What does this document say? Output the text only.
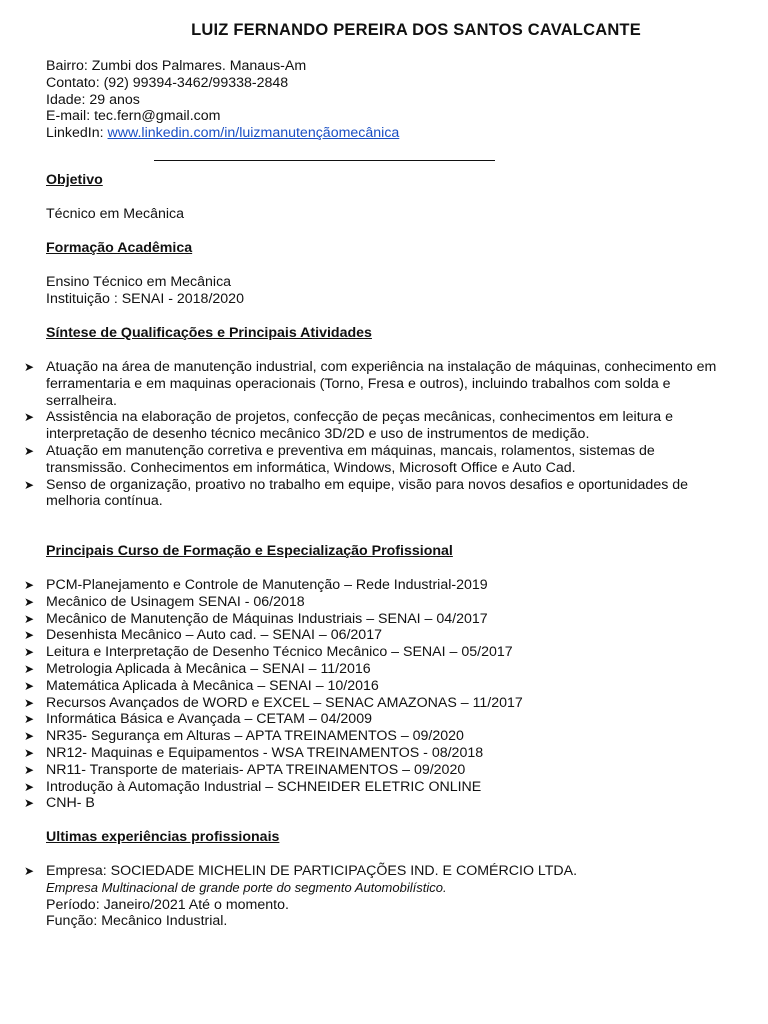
LUIZ FERNANDO PEREIRA DOS SANTOS CAVALCANTE
Bairro: Zumbi dos Palmares. Manaus-Am
Contato: (92) 99394-3462/99338-2848
Idade: 29 anos
E-mail: tec.fern@gmail.com
LinkedIn: www.linkedin.com/in/luizmanutençãomecânica
Objetivo
Técnico em Mecânica
Formação Acadêmica
Ensino Técnico em Mecânica
Instituição : SENAI - 2018/2020
Síntese de Qualificações e Principais Atividades
➤ Atuação na área de manutenção industrial, com experiência na instalação de máquinas, conhecimento em ferramentaria e em maquinas operacionais (Torno, Fresa e outros), incluindo trabalhos com solda e serralheira.
➤ Assistência na elaboração de projetos, confecção de peças mecânicas, conhecimentos em leitura e interpretação de desenho técnico mecânico 3D/2D e uso de instrumentos de medição.
➤ Atuação em manutenção corretiva e preventiva em máquinas, mancais, rolamentos, sistemas de transmissão. Conhecimentos em informática, Windows, Microsoft Office e Auto Cad.
➤ Senso de organização, proativo no trabalho em equipe, visão para novos desafios e oportunidades de melhoria contínua.
Principais Curso de Formação e Especialização Profissional
➤ PCM-Planejamento e Controle de Manutenção – Rede Industrial-2019
➤ Mecânico de Usinagem SENAI - 06/2018
➤ Mecânico de Manutenção de Máquinas Industriais – SENAI – 04/2017
➤ Desenhista Mecânico – Auto cad. – SENAI – 06/2017
➤ Leitura e Interpretação de Desenho Técnico Mecânico – SENAI – 05/2017
➤ Metrologia Aplicada à Mecânica – SENAI – 11/2016
➤ Matemática Aplicada à Mecânica – SENAI – 10/2016
➤ Recursos Avançados de WORD e EXCEL – SENAC AMAZONAS – 11/2017
➤ Informática Básica e Avançada – CETAM – 04/2009
➤ NR35- Segurança em Alturas – APTA TREINAMENTOS – 09/2020
➤ NR12- Maquinas e Equipamentos - WSA TREINAMENTOS - 08/2018
➤ NR11- Transporte de materiais- APTA TREINAMENTOS – 09/2020
➤ Introdução à Automação Industrial – SCHNEIDER ELETRIC ONLINE
➤ CNH- B
Ultimas experiências profissionais
➤ Empresa: SOCIEDADE MICHELIN DE PARTICIPAÇÕES IND. E COMÉRCIO LTDA.
Empresa Multinacional de grande porte do segmento Automobilístico.
Período: Janeiro/2021 Até o momento.
Função: Mecânico Industrial.
